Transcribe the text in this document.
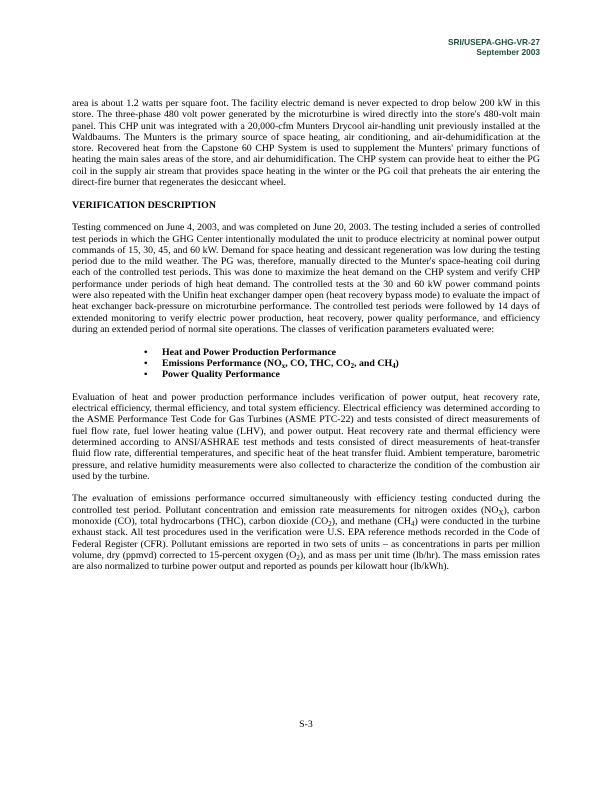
SRI/USEPA-GHG-VR-27
September 2003

area is about 1.2 watts per square foot. The facility electric demand is never expected to drop below 200 kW in this store. The three-phase 480 volt power generated by the microturbine is wired directly into the store's 480-volt main panel. This CHP unit was integrated with a 20,000-cfm Munters Drycool air-handling unit previously installed at the Waldbaums. The Munters is the primary source of space heating, air conditioning, and air-dehumidification at the store. Recovered heat from the Capstone 60 CHP System is used to supplement the Munters' primary functions of heating the main sales areas of the store, and air dehumidification. The CHP system can provide heat to either the PG coil in the supply air stream that provides space heating in the winter or the PG coil that preheats the air entering the direct-fire burner that regenerates the desiccant wheel.

VERIFICATION DESCRIPTION

Testing commenced on June 4, 2003, and was completed on June 20, 2003. The testing included a series of controlled test periods in which the GHG Center intentionally modulated the unit to produce electricity at nominal power output commands of 15, 30, 45, and 60 kW. Demand for space heating and dessicant regeneration was low during the testing period due to the mild weather. The PG was, therefore, manually directed to the Munter's space-heating coil during each of the controlled test periods. This was done to maximize the heat demand on the CHP system and verify CHP performance under periods of high heat demand. The controlled tests at the 30 and 60 kW power command points were also repeated with the Unifin heat exchanger damper open (heat recovery bypass mode) to evaluate the impact of heat exchanger back-pressure on microturbine performance. The controlled test periods were followed by 14 days of extended monitoring to verify electric power production, heat recovery, power quality performance, and efficiency during an extended period of normal site operations. The classes of verification parameters evaluated were:

• Heat and Power Production Performance
• Emissions Performance ($NO_x$, CO, THC, $CO_2$, and $CH_4$)
• Power Quality Performance

Evaluation of heat and power production performance includes verification of power output, heat recovery rate, electrical efficiency, thermal efficiency, and total system efficiency. Electrical efficiency was determined according to the ASME Performance Test Code for Gas Turbines (ASME PTC-22) and tests consisted of direct measurements of fuel flow rate, fuel lower heating value (LHV), and power output. Heat recovery rate and thermal efficiency were determined according to ANSI/ASHRAE test methods and tests consisted of direct measurements of heat-transfer fluid flow rate, differential temperatures, and specific heat of the heat transfer fluid. Ambient temperature, barometric pressure, and relative humidity measurements were also collected to characterize the condition of the combustion air used by the turbine.

The evaluation of emissions performance occurred simultaneously with efficiency testing conducted during the controlled test period. Pollutant concentration and emission rate measurements for nitrogen oxides $(NO_X)$, carbon monoxide (CO), total hydrocarbons (THC), carbon dioxide $(CO_2)$, and methane $(CH_4)$ were conducted in the turbine exhaust stack. All test procedures used in the verification were U.S. EPA reference methods recorded in the Code of Federal Register (CFR). Pollutant emissions are reported in two sets of units – as concentrations in parts per million volume, dry (ppmvd) corrected to 15-percent oxygen $(O_2)$, and as mass per unit time (lb/hr). The mass emission rates are also normalized to turbine power output and reported as pounds per kilowatt hour (lb/kWh).

S-3
